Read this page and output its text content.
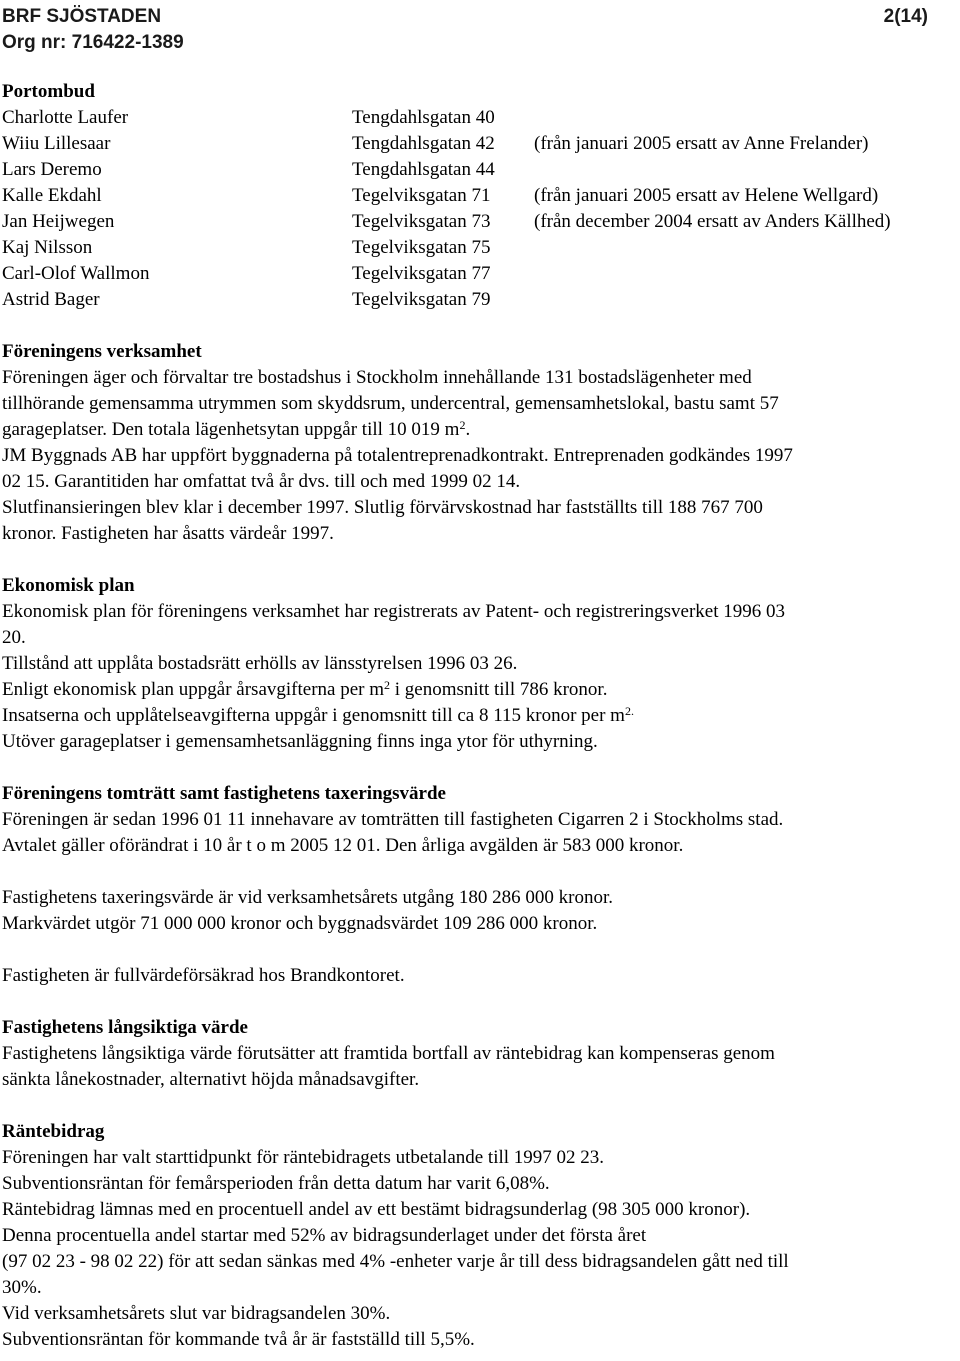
BRF SJÖSTADEN	2(14)
Org nr: 716422-1389
Portombud
Charlotte Laufer	Tengdahlsgatan 40
Wiiu Lillesaar	Tengdahlsgatan 42	(från januari 2005 ersatt av Anne Frelander)
Lars Deremo	Tengdahlsgatan 44
Kalle Ekdahl	Tegelviksgatan 71	(från januari 2005 ersatt av Helene Wellgard)
Jan Heijwegen	Tegelviksgatan 73	(från december 2004 ersatt av Anders Källhed)
Kaj Nilsson	Tegelviksgatan 75
Carl-Olof Wallmon	Tegelviksgatan 77
Astrid Bager	Tegelviksgatan 79
Föreningens verksamhet
Föreningen äger och förvaltar tre bostadshus i Stockholm innehållande 131 bostadslägenheter med
tillhörande gemensamma utrymmen som skyddsrum, undercentral, gemensamhetslokal, bastu samt 57
garageplatser. Den totala lägenhetsytan uppgår till 10 019 $m^2$.
JM Byggnads AB har uppfört byggnaderna på totalentreprenadkontrakt. Entreprenaden godkändes 1997
02 15. Garantitiden har omfattat två år dvs. till och med 1999 02 14.
Slutfinansieringen blev klar i december 1997. Slutlig förvärvskostnad har fastställts till 188 767 700
kronor. Fastigheten har åsatts värdeår 1997.
Ekonomisk plan
Ekonomisk plan för föreningens verksamhet har registrerats av Patent- och registreringsverket 1996 03
20.
Tillstånd att upplåta bostadsrätt erhölls av länsstyrelsen 1996 03 26.
Enligt ekonomisk plan uppgår årsavgifterna per $m^2$ i genomsnitt till 786 kronor.
Insatserna och upplåtelseavgifterna uppgår i genomsnitt till ca 8 115 kronor per $m^{2.}$
Utöver garageplatser i gemensamhetsanläggning finns inga ytor för uthyrning.
Föreningens tomträtt samt fastighetens taxeringsvärde
Föreningen är sedan 1996 01 11 innehavare av tomträtten till fastigheten Cigarren 2 i Stockholms stad.
Avtalet gäller oförändrat i 10 år t o m 2005 12 01. Den årliga avgälden är 583 000 kronor.
Fastighetens taxeringsvärde är vid verksamhetsårets utgång 180 286 000 kronor.
Markvärdet utgör 71 000 000 kronor och byggnadsvärdet 109 286 000 kronor.
Fastigheten är fullvärdeförsäkrad hos Brandkontoret.
Fastighetens långsiktiga värde
Fastighetens långsiktiga värde förutsätter att framtida bortfall av räntebidrag kan kompenseras genom
sänkta lånekostnader, alternativt höjda månadsavgifter.
Räntebidrag
Föreningen har valt starttidpunkt för räntebidragets utbetalande till 1997 02 23.
Subventionsräntan för femårsperioden från detta datum har varit 6,08%.
Räntebidrag lämnas med en procentuell andel av ett bestämt bidragsunderlag (98 305 000 kronor).
Denna procentuella andel startar med 52% av bidragsunderlaget under det första året
(97 02 23 - 98 02 22) för att sedan sänkas med 4% -enheter varje år till dess bidragsandelen gått ned till
30%.
Vid verksamhetsårets slut var bidragsandelen 30%.
Subventionsräntan för kommande två år är fastställd till 5,5%.
